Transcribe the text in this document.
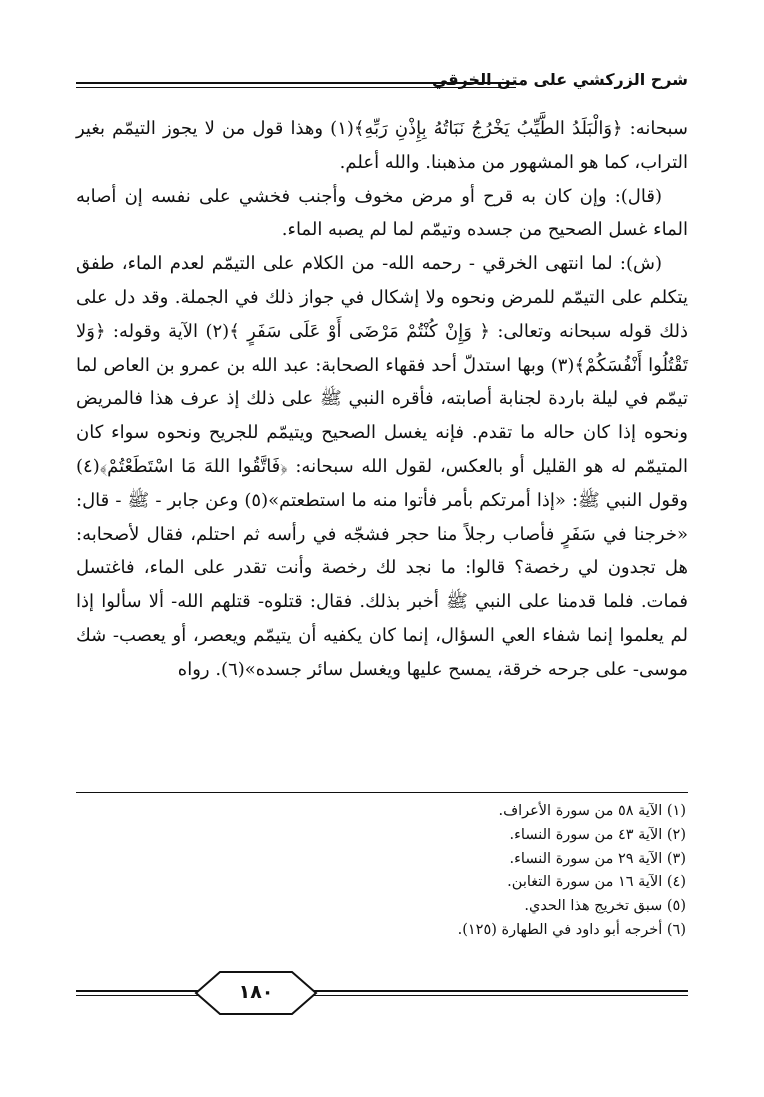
شرح الزركشي على متن الخرقي

سبحانه: ﴿وَالْبَلَدُ الطَّيِّبُ يَخْرُجُ نَبَاتُهُ بِإِذْنِ رَبِّهِ﴾(١) وهذا قول من لا يجوز التيمّم بغير التراب، كما هو المشهور من مذهبنا. والله أعلم.

(قال): وإن كان به قرح أو مرض مخوف وأجنب فخشي على نفسه إن أصابه الماء غسل الصحيح من جسده وتيمّم لما لم يصبه الماء.

(ش): لما انتهى الخرقي - رحمه الله- من الكلام على التيمّم لعدم الماء، طفق يتكلم على التيمّم للمرض ونحوه ولا إشكال في جواز ذلك في الجملة. وقد دل على ذلك قوله سبحانه وتعالى: ﴿ وَإِنْ كُنْتُمْ مَرْضَى أَوْ عَلَى سَفَرٍ ﴾(٢) الآية وقوله: ﴿وَلا تَقْتُلُوا أَنْفُسَكُمْ﴾(٣) وبها استدلّ أحد فقهاء الصحابة: عبد الله بن عمرو بن العاص لما تيمّم في ليلة باردة لجنابة أصابته، فأقره النبي ﷺ على ذلك إذ عرف هذا فالمريض ونحوه إذا كان حاله ما تقدم. فإنه يغسل الصحيح ويتيمّم للجريح ونحوه سواء كان المتيمّم له هو القليل أو بالعكس، لقول الله سبحانه: ﴿فَاتَّقُوا اللهَ مَا اسْتَطَعْتُمْ﴾(٤) وقول النبي ﷺ: «إذا أمرتكم بأمر فأتوا منه ما استطعتم»(٥) وعن جابر - ﷺ - قال: «خرجنا في سَفَرٍ فأصاب رجلاً منا حجر فشجّه في رأسه ثم احتلم، فقال لأصحابه: هل تجدون لي رخصة؟ قالوا: ما نجد لك رخصة وأنت تقدر على الماء، فاغتسل فمات. فلما قدمنا على النبي ﷺ أخبر بذلك. فقال: قتلوه- قتلهم الله- ألا سألوا إذا لم يعلموا إنما شفاء العي السؤال، إنما كان يكفيه أن يتيمّم ويعصر، أو يعصب- شك موسى- على جرحه خرقة، يمسح عليها ويغسل سائر جسده»(٦). رواه

(١) الآية ٥٨ من سورة الأعراف.
(٢) الآية ٤٣ من سورة النساء.
(٣) الآية ٢٩ من سورة النساء.
(٤) الآية ١٦ من سورة التغابن.
(٥) سبق تخريج هذا الحدي.
(٦) أخرجه أبو داود في الطهارة (١٢٥).
١٨٠
